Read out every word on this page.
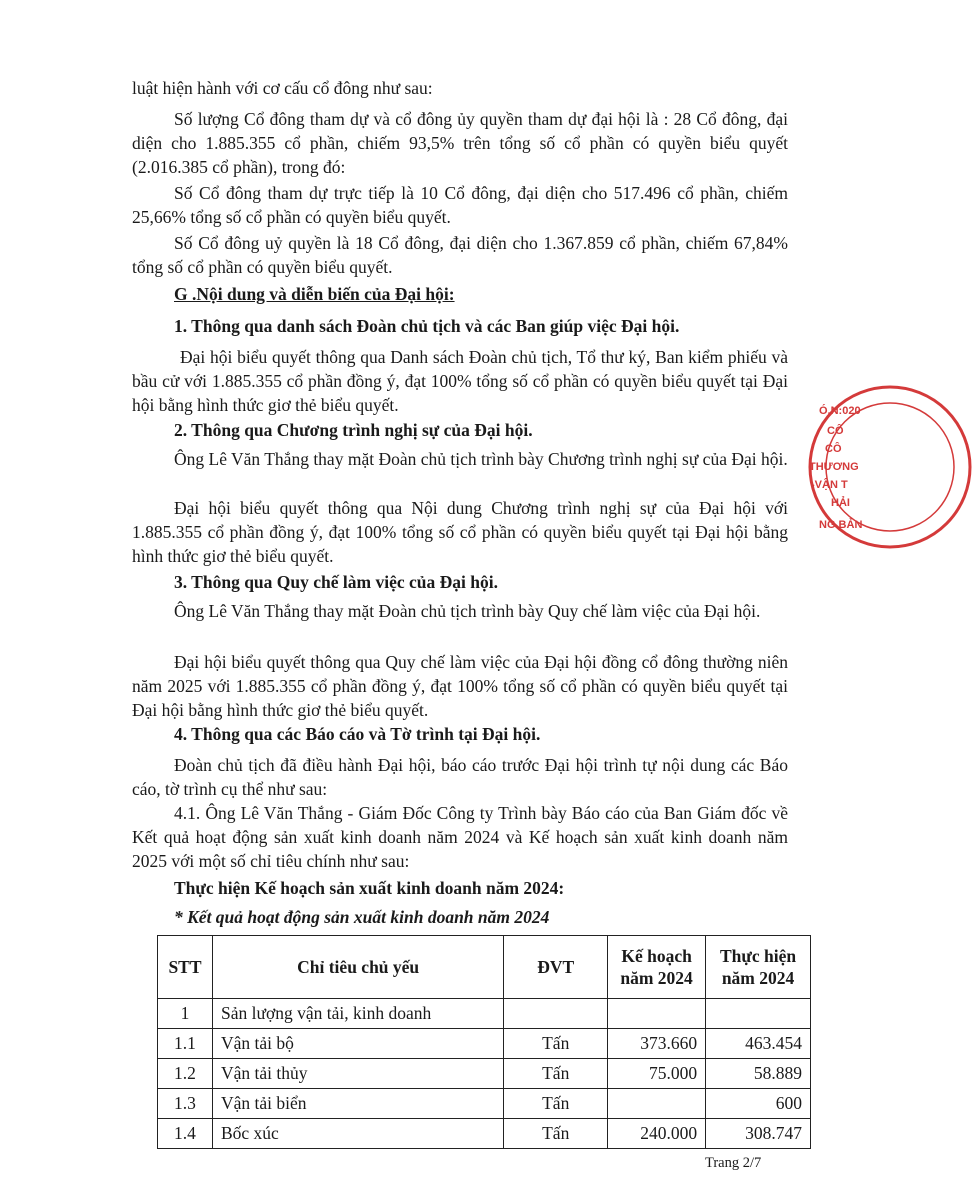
luật hiện hành với cơ cấu cổ đông như sau:

Số lượng Cổ đông tham dự và cổ đông ủy quyền tham dự đại hội là : 28 Cổ đông, đại diện cho 1.885.355 cổ phần, chiếm 93,5% trên tổng số cổ phần có quyền biểu quyết (2.016.385 cổ phần), trong đó:

Số Cổ đông tham dự trực tiếp là 10 Cổ đông, đại diện cho 517.496 cổ phần, chiếm 25,66% tổng số cổ phần có quyền biểu quyết.

Số Cổ đông uỷ quyền là 18 Cổ đông, đại diện cho 1.367.859 cổ phần, chiếm 67,84% tổng số cổ phần có quyền biểu quyết.

G .Nội dung và diễn biến của Đại hội:

1. Thông qua danh sách Đoàn chủ tịch và các Ban giúp việc Đại hội.

Đại hội biểu quyết thông qua Danh sách Đoàn chủ tịch, Tổ thư ký, Ban kiểm phiếu và bầu cử với 1.885.355 cổ phần đồng ý, đạt 100% tổng số cổ phần có quyền biểu quyết tại Đại hội bằng hình thức giơ thẻ biểu quyết.

2. Thông qua Chương trình nghị sự của Đại hội.

Ông Lê Văn Thắng thay mặt Đoàn chủ tịch trình bày Chương trình nghị sự của Đại hội.

Đại hội biểu quyết thông qua Nội dung Chương trình nghị sự của Đại hội với 1.885.355 cổ phần đồng ý, đạt 100% tổng số cổ phần có quyền biểu quyết tại Đại hội bằng hình thức giơ thẻ biểu quyết.

3. Thông qua Quy chế làm việc của Đại hội.

Ông Lê Văn Thắng thay mặt Đoàn chủ tịch trình bày Quy chế làm việc của Đại hội.

Đại hội biểu quyết thông qua Quy chế làm việc của Đại hội đồng cổ đông thường niên năm 2025 với 1.885.355 cổ phần đồng ý, đạt 100% tổng số cổ phần có quyền biểu quyết tại Đại hội bằng hình thức giơ thẻ biểu quyết.

4. Thông qua các Báo cáo và Tờ trình tại Đại hội.

Đoàn chủ tịch đã điều hành Đại hội, báo cáo trước Đại hội trình tự nội dung các Báo cáo, tờ trình cụ thể như sau:

4.1. Ông Lê Văn Thắng - Giám Đốc Công ty Trình bày Báo cáo của Ban Giám đốc về Kết quả hoạt động sản xuất kinh doanh năm 2024 và Kế hoạch sản xuất kinh doanh năm 2025 với một số chỉ tiêu chính như sau:

Thực hiện Kế hoạch sản xuất kinh doanh năm 2024:

* Kết quả hoạt động sản xuất kinh doanh năm 2024

STT	Chỉ tiêu chủ yếu	ĐVT	Kế hoạch năm 2024	Thực hiện năm 2024
1	Sản lượng vận tải, kinh doanh			
1.1	Vận tải bộ	Tấn	373.660	463.454
1.2	Vận tải thủy	Tấn	75.000	58.889
1.3	Vận tải biển	Tấn		600
1.4	Bốc xúc	Tấn	240.000	308.747
Trang 2/7
Ó.N:020
CÔ
CÔ
THƯƠNG
-VẬN T
HẢI
NG BẢN
